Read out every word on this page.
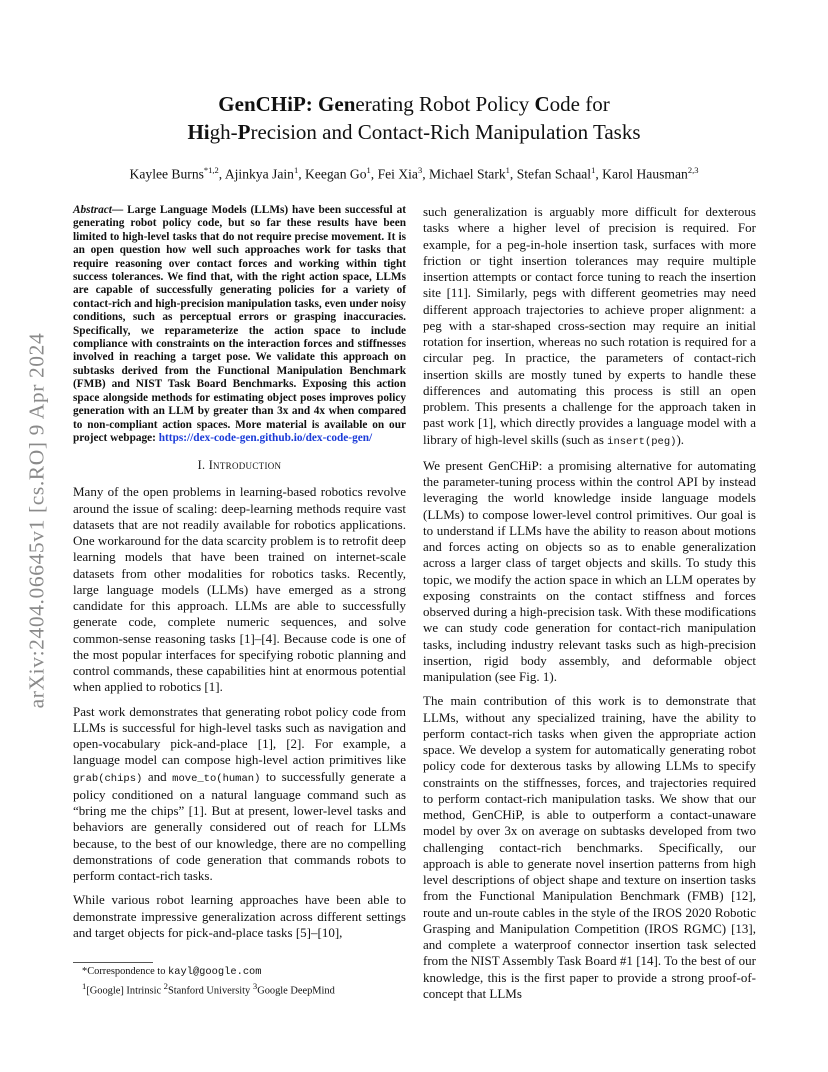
arXiv:2404.06645v1 [cs.RO] 9 Apr 2024
GenCHiP: Generating Robot Policy Code for
High-Precision and Contact-Rich Manipulation Tasks

Kaylee Burns$^{*1,2}$, Ajinkya Jain$^1$, Keegan Go$^1$, Fei Xia$^3$, Michael Stark$^1$, Stefan Schaal$^1$, Karol Hausman$^{2,3}$

Abstract— Large Language Models (LLMs) have been successful at generating robot policy code, but so far these results have been limited to high-level tasks that do not require precise movement. It is an open question how well such approaches work for tasks that require reasoning over contact forces and working within tight success tolerances. We find that, with the right action space, LLMs are capable of successfully generating policies for a variety of contact-rich and high-precision manipulation tasks, even under noisy conditions, such as perceptual errors or grasping inaccuracies. Specifically, we reparameterize the action space to include compliance with constraints on the interaction forces and stiffnesses involved in reaching a target pose. We validate this approach on subtasks derived from the Functional Manipulation Benchmark (FMB) and NIST Task Board Benchmarks. Exposing this action space alongside methods for estimating object poses improves policy generation with an LLM by greater than 3x and 4x when compared to non-compliant action spaces. More material is available on our project webpage: https://dex-code-gen.github.io/dex-code-gen/

I. Introduction

Many of the open problems in learning-based robotics revolve around the issue of scaling: deep-learning methods require vast datasets that are not readily available for robotics applications. One workaround for the data scarcity problem is to retrofit deep learning models that have been trained on internet-scale datasets from other modalities for robotics tasks. Recently, large language models (LLMs) have emerged as a strong candidate for this approach. LLMs are able to successfully generate code, complete numeric sequences, and solve common-sense reasoning tasks [1]–[4]. Because code is one of the most popular interfaces for specifying robotic planning and control commands, these capabilities hint at enormous potential when applied to robotics [1].

Past work demonstrates that generating robot policy code from LLMs is successful for high-level tasks such as navigation and open-vocabulary pick-and-place [1], [2]. For example, a language model can compose high-level action primitives like grab(chips) and move_to(human) to successfully generate a policy conditioned on a natural language command such as “bring me the chips” [1]. But at present, lower-level tasks and behaviors are generally considered out of reach for LLMs because, to the best of our knowledge, there are no compelling demonstrations of code generation that commands robots to perform contact-rich tasks.

While various robot learning approaches have been able to demonstrate impressive generalization across different settings and target objects for pick-and-place tasks [5]–[10],

*Correspondence to kayl@google.com
$^1$[Google] Intrinsic $^2$Stanford University $^3$Google DeepMind

such generalization is arguably more difficult for dexterous tasks where a higher level of precision is required. For example, for a peg-in-hole insertion task, surfaces with more friction or tight insertion tolerances may require multiple insertion attempts or contact force tuning to reach the insertion site [11]. Similarly, pegs with different geometries may need different approach trajectories to achieve proper alignment: a peg with a star-shaped cross-section may require an initial rotation for insertion, whereas no such rotation is required for a circular peg. In practice, the parameters of contact-rich insertion skills are mostly tuned by experts to handle these differences and automating this process is still an open problem. This presents a challenge for the approach taken in past work [1], which directly provides a language model with a library of high-level skills (such as insert(peg)).

We present GenCHiP: a promising alternative for automating the parameter-tuning process within the control API by instead leveraging the world knowledge inside language models (LLMs) to compose lower-level control primitives. Our goal is to understand if LLMs have the ability to reason about motions and forces acting on objects so as to enable generalization across a larger class of target objects and skills. To study this topic, we modify the action space in which an LLM operates by exposing constraints on the contact stiffness and forces observed during a high-precision task. With these modifications we can study code generation for contact-rich manipulation tasks, including industry relevant tasks such as high-precision insertion, rigid body assembly, and deformable object manipulation (see Fig. 1).

The main contribution of this work is to demonstrate that LLMs, without any specialized training, have the ability to perform contact-rich tasks when given the appropriate action space. We develop a system for automatically generating robot policy code for dexterous tasks by allowing LLMs to specify constraints on the stiffnesses, forces, and trajectories required to perform contact-rich manipulation tasks. We show that our method, GenCHiP, is able to outperform a contact-unaware model by over 3x on average on subtasks developed from two challenging contact-rich benchmarks. Specifically, our approach is able to generate novel insertion patterns from high level descriptions of object shape and texture on insertion tasks from the Functional Manipulation Benchmark (FMB) [12], route and un-route cables in the style of the IROS 2020 Robotic Grasping and Manipulation Competition (IROS RGMC) [13], and complete a waterproof connector insertion task selected from the NIST Assembly Task Board #1 [14]. To the best of our knowledge, this is the first paper to provide a strong proof-of-concept that LLMs
